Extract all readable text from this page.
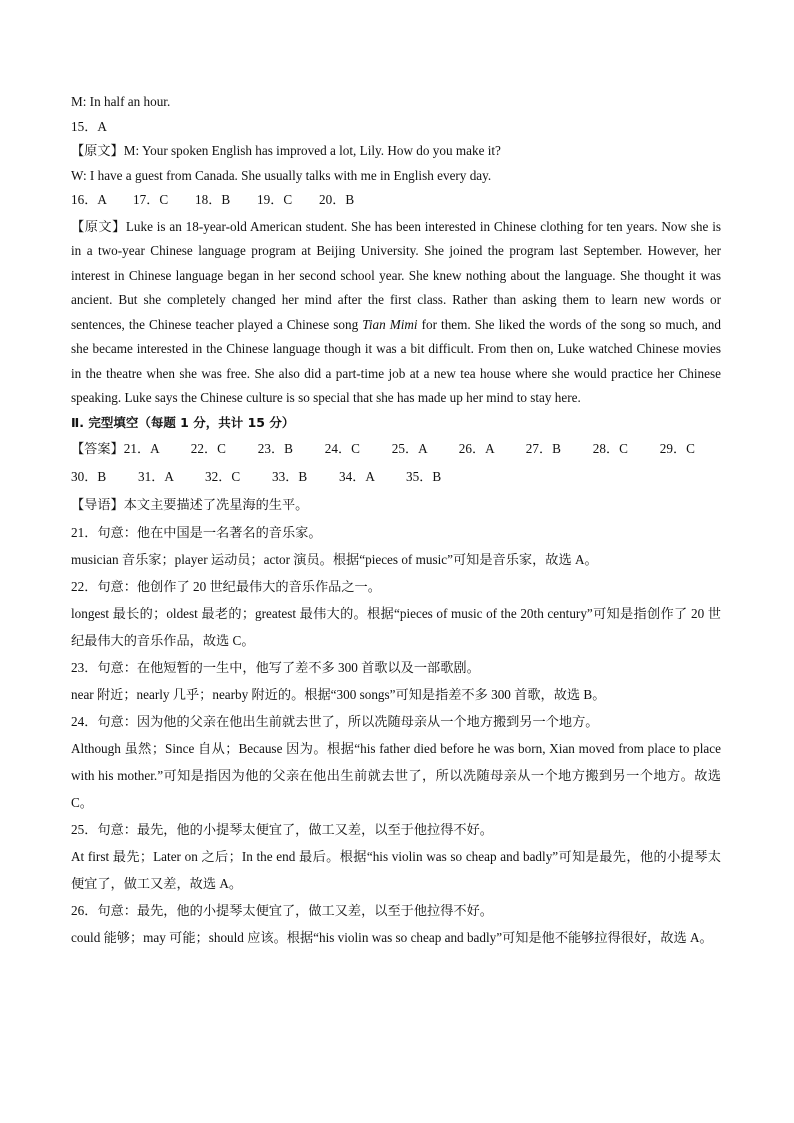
M: In half an hour.
15．A
【原文】M: Your spoken English has improved a lot, Lily. How do you make it?
W: I have a guest from Canada. She usually talks with me in English every day.
16．A 17．C 18．B 19．C 20．B

【原文】Luke is an 18-year-old American student. She has been interested in Chinese clothing for ten years. Now she is in a two-year Chinese language program at Beijing University. She joined the program last September. However, her interest in Chinese language began in her second school year. She knew nothing about the language. She thought it was ancient. But she completely changed her mind after the first class. Rather than asking them to learn new words or sentences, the Chinese teacher played a Chinese song Tian Mimi for them. She liked the words of the song so much, and she became interested in the Chinese language though it was a bit difficult. From then on, Luke watched Chinese movies in the theatre when she was free. She also did a part-time job at a new tea house where she would practice her Chinese speaking. Luke says the Chinese culture is so special that she has made up her mind to stay here.

Ⅱ. 完型填空（每题 1 分，共计 15 分）
【答案】21．A 22．C 23．B 24．C 25．A 26．A 27．B 28．C 29．C
30．B 31．A 32．C 33．B 34．A 35．B
【导语】本文主要描述了冼星海的生平。
21．句意：他在中国是一名著名的音乐家。

musician 音乐家；player 运动员；actor 演员。根据“pieces of music”可知是音乐家，故选 A。

22．句意：他创作了 20 世纪最伟大的音乐作品之一。

longest 最长的；oldest 最老的；greatest 最伟大的。根据“pieces of music of the 20th century”可知是指创作了 20 世纪最伟大的音乐作品，故选 C。

23．句意：在他短暂的一生中，他写了差不多 300 首歌以及一部歌剧。

near 附近；nearly 几乎；nearby 附近的。根据“300 songs”可知是指差不多 300 首歌，故选 B。

24．句意：因为他的父亲在他出生前就去世了，所以冼随母亲从一个地方搬到另一个地方。

Although 虽然；Since 自从；Because 因为。根据“his father died before he was born, Xian moved from place to place with his mother.”可知是指因为他的父亲在他出生前就去世了，所以冼随母亲从一个地方搬到另一个地方。故选 C。

25．句意：最先，他的小提琴太便宜了，做工又差，以至于他拉得不好。

At first 最先；Later on 之后；In the end 最后。根据“his violin was so cheap and badly”可知是最先，他的小提琴太便宜了，做工又差，故选 A。

26．句意：最先，他的小提琴太便宜了，做工又差，以至于他拉得不好。

could 能够；may 可能；should 应该。根据“his violin was so cheap and badly”可知是他不能够拉得很好，故选 A。
